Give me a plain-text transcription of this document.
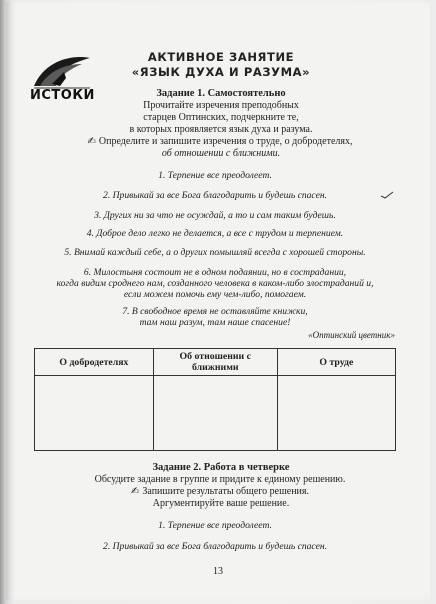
ИСТОКИ
АКТИВНОЕ ЗАНЯТИЕ
«ЯЗЫК ДУХА И РАЗУМА»
Задание 1. Самостоятельно
Прочитайте изречения преподобных
старцев Оптинских, подчеркните те,
в которых проявляется язык духа и разума.
✍ Определите и запишите изречения о труде, о добродетелях,
об отношении с ближними.
1. Терпение все преодолеет.
2. Привыкай за все Бога благодарить и будешь спасен.
3. Других ни за что не осуждай, а то и сам таким будешь.
4. Доброе дело легко не делается, а все с трудом и терпением.
5. Внимай каждый себе, а о других помышляй всегда с хорошей стороны.
6. Милостыня состоит не в одном подаянии, но в сострадании,
когда видим сроднего нам, созданного человека в каком-либо злостраданий и,
если можем помочь ему чем-либо, помогаем.
7. В свободное время не оставляйте книжки,
там наш разум, там наше спасение!
«Оптинский цветник»
О добродетелях	Об отношении с ближними	О труде

Задание 2. Работа в четверке
Обсудите задание в группе и придите к единому решению.
✍ Запишите результаты общего решения.
Аргументируйте ваше решение.
1. Терпение все преодолеет.
2. Привыкай за все Бога благодарить и будешь спасен.
13
